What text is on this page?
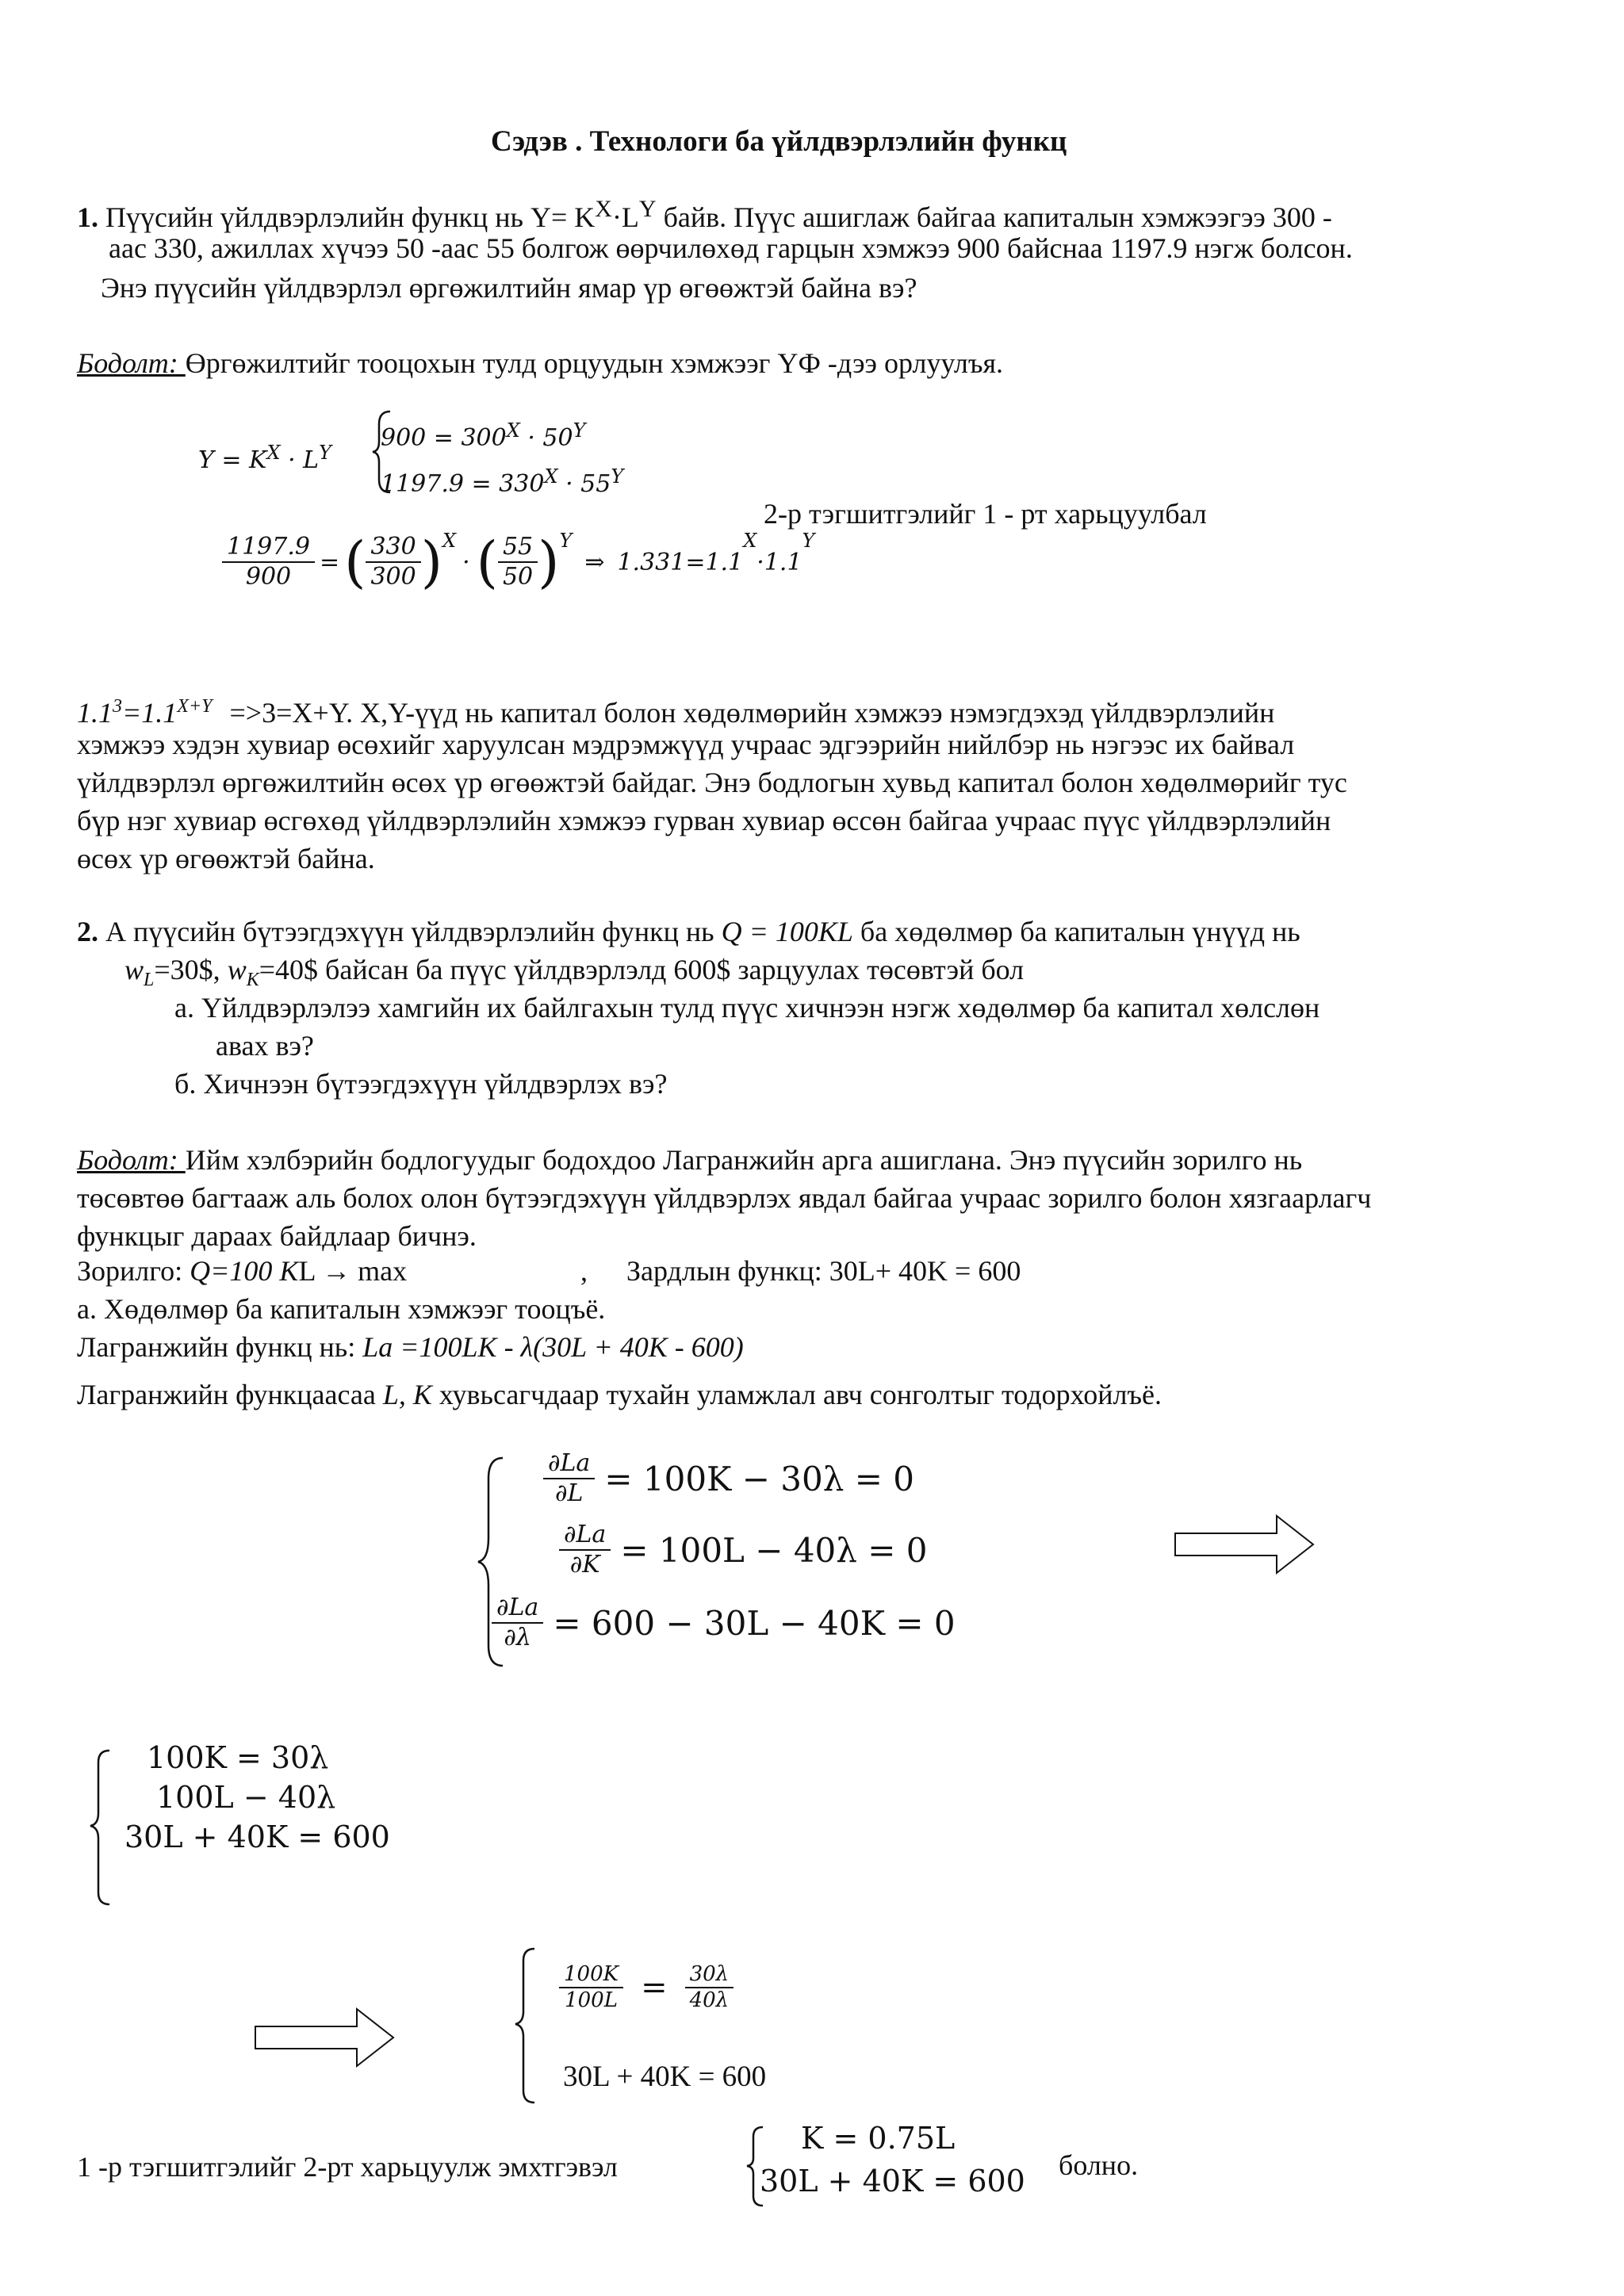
Сэдэв . Технологи ба үйлдвэрлэлийн функц
1. Пүүсийн үйлдвэрлэлийн функц нь $Y= K^X\cdot L^Y$ байв. Пүүс ашиглаж байгаа капиталын хэмжээгээ 300 -
аас 330, ажиллах хүчээ 50 -аас 55 болгож өөрчилөхөд гарцын хэмжээ 900 байснаа 1197.9 нэгж болсон.
Энэ пүүсийн үйлдвэрлэл өргөжилтийн ямар үр өгөөжтэй байна вэ?
Бодолт: Өргөжилтийг тооцохын тулд орцуудын хэмжээг YФ -дээ орлуулъя.
$Y = K^X \cdot L^Y$
$900 = 300^X \cdot 50^Y$
$1197.9 = 330^X \cdot 55^Y$
$\frac{1197.9}{900}$ = ( $\frac{330}{300} )^X$
· ( $\frac{55}{50} )^Y$
⇒ 1.331=1.1
$^X$
·1.1
$^Y$
2-р тэгшитгэлийг 1 - рт харьцуулбал
$1.1^3=1.1^{X+Y} =>3=X+Y$. X,Y-үүд нь капитал болон хөдөлмөрийн хэмжээ нэмэгдэхэд үйлдвэрлэлийн
хэмжээ хэдэн хувиар өсөхийг харуулсан мэдрэмжүүд учраас эдгээрийн нийлбэр нь нэгээс их байвал
үйлдвэрлэл өргөжилтийн өсөх үр өгөөжтэй байдаг. Энэ бодлогын хувьд капитал болон хөдөлмөрийг тус
бүр нэг хувиар өсгөхөд үйлдвэрлэлийн хэмжээ гурван хувиар өссөн байгаа учраас пүүс үйлдвэрлэлийн
өсөх үр өгөөжтэй байна.
2. А пүүсийн бүтээгдэхүүн үйлдвэрлэлийн функц нь Q = 100KL ба хөдөлмөр ба капиталын үнүүд нь
$w_L=30\$$, $w_K=40\$$ байсан ба пүүс үйлдвэрлэлд 600$ зарцуулах төсөвтэй бол
а. Үйлдвэрлэлээ хамгийн их байлгахын тулд пүүс хичнээн нэгж хөдөлмөр ба капитал хөлслөн
авах вэ?
б. Хичнээн бүтээгдэхүүн үйлдвэрлэх вэ?
Бодолт: Ийм хэлбэрийн бодлогуудыг бодохдоо Лагранжийн арга ашиглана. Энэ пүүсийн зорилго нь
төсөвтөө багтааж аль болох олон бүтээгдэхүүн үйлдвэрлэх явдал байгаа учраас зорилго болон хязгаарлагч
функцыг дараах байдлаар бичнэ.
Зорилго: Q=100 KL → max	, Зардлын функц: 30L+ 40K = 600
а. Хөдөлмөр ба капиталын хэмжээг тооцъё.
Лагранжийн функц нь: La =100LK - λ(30L + 40K - 600)
Лагранжийн функцаасаа L, K хувьсагчдаар тухайн уламжлал авч сонголтыг тодорхойлъё.
$\frac{\partial La}{\partial L} = 100K - 30\lambda = 0$
$\frac{\partial La}{\partial K} = 100L - 40\lambda = 0$
$\frac{\partial La}{\partial\lambda} = 600 - 30L - 40K = 0$
100K = 30λ
100L − 40λ
30L + 40K = 600
$\frac{100K}{100L} = \frac{30\lambda}{40\lambda}$
30L + 40K = 600
1 -р тэгшитгэлийг 2-рт харьцуулж эмхтгэвэл
K = 0.75L
30L + 40K = 600 болно.
